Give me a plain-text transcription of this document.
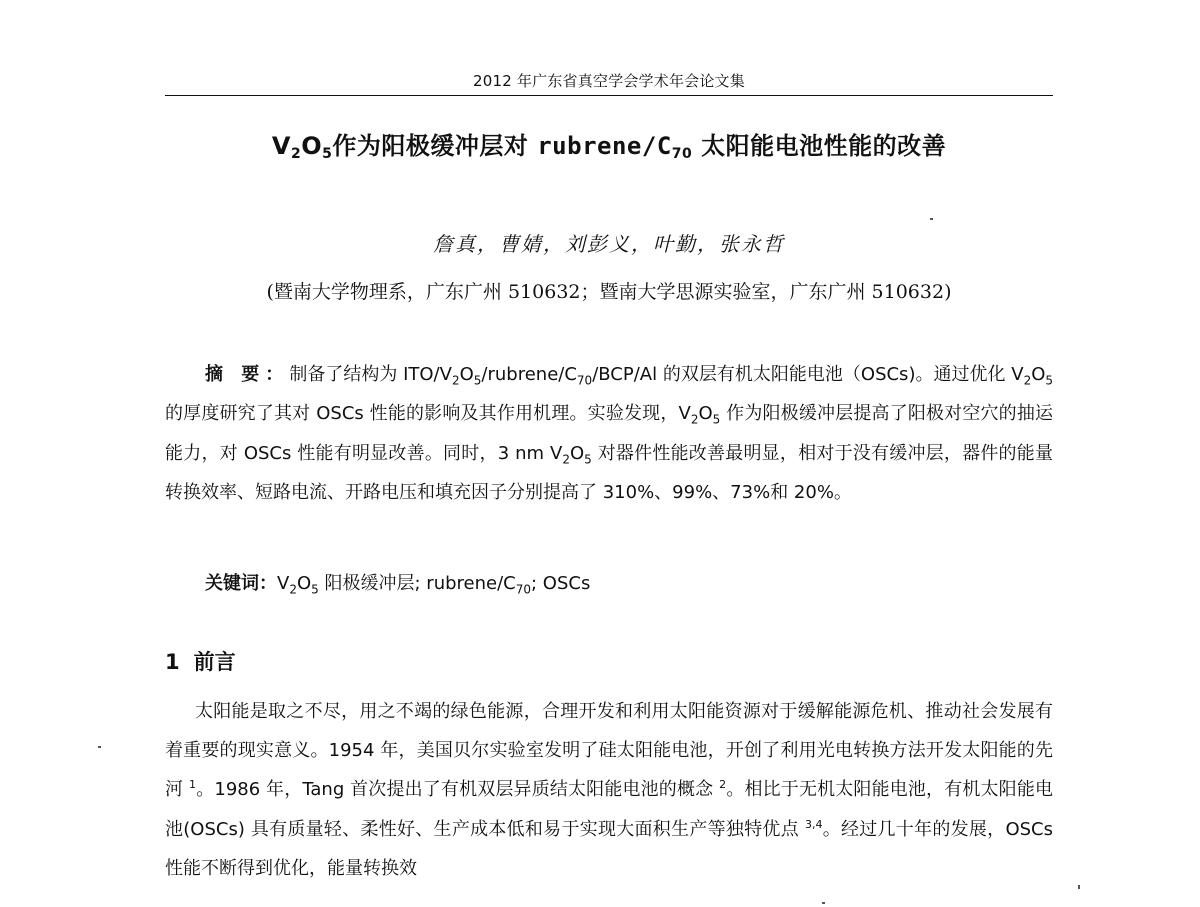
2012 年广东省真空学会学术年会论文集
$V_2O_5$作为阳极缓冲层对 rubrene/$C_{70}$ 太阳能电池性能的改善
詹真，曹婧，刘彭义，叶勤，张永哲
(暨南大学物理系，广东广州 510632；暨南大学思源实验室，广东广州 510632)
摘 要：制备了结构为 ITO/$V_2O_5/rubrene/C_{70}/BCP/Al$ 的双层有机太阳能电池（OSCs)。通过优化 $V_2O_5$ 的厚度研究了其对 OSCs 性能的影响及其作用机理。实验发现，$V_2O_5$ 作为阳极缓冲层提高了阳极对空穴的抽运能力，对 OSCs 性能有明显改善。同时，3 nm $V_2O_5$ 对器件性能改善最明显，相对于没有缓冲层，器件的能量转换效率、短路电流、开路电压和填充因子分别提高了 310%、99%、73%和 20%。
关键词：$V_2O_5$ 阳极缓冲层; rubrene/$C_{70}$; OSCs
1 前言
太阳能是取之不尽，用之不竭的绿色能源，合理开发和利用太阳能资源对于缓解能源危机、推动社会发展有着重要的现实意义。1954 年，美国贝尔实验室发明了硅太阳能电池，开创了利用光电转换方法开发太阳能的先河 $^1$。1986 年，Tang 首次提出了有机双层异质结太阳能电池的概念 $^2$。相比于无机太阳能电池，有机太阳能电池(OSCs) 具有质量轻、柔性好、生产成本低和易于实现大面积生产等独特优点 $^{3,4}$。经过几十年的发展，OSCs 性能不断得到优化，能量转换效
